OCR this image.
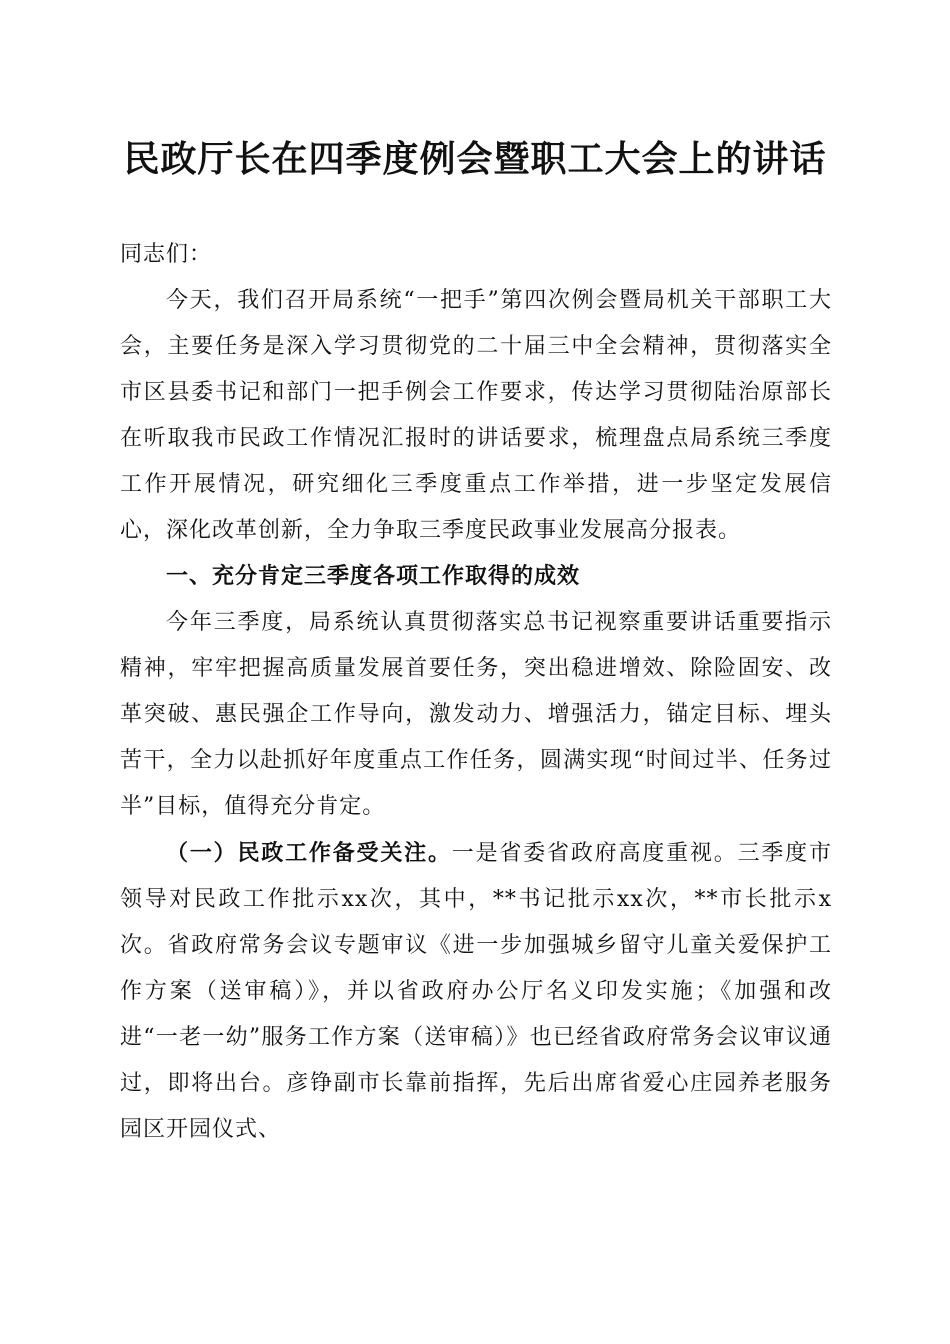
民政厅长在四季度例会暨职工大会上的讲话

同志们：

今天，我们召开局系统“一把手”第四次例会暨局机关干部职工大会，主要任务是深入学习贯彻党的二十届三中全会精神，贯彻落实全市区县委书记和部门一把手例会工作要求，传达学习贯彻陆治原部长在听取我市民政工作情况汇报时的讲话要求，梳理盘点局系统三季度工作开展情况，研究细化三季度重点工作举措，进一步坚定发展信心，深化改革创新，全力争取三季度民政事业发展高分报表。

一、充分肯定三季度各项工作取得的成效

今年三季度，局系统认真贯彻落实总书记视察重要讲话重要指示精神，牢牢把握高质量发展首要任务，突出稳进增效、除险固安、改革突破、惠民强企工作导向，激发动力、增强活力，锚定目标、埋头苦干，全力以赴抓好年度重点工作任务，圆满实现“时间过半、任务过半”目标，值得充分肯定。

（一）民政工作备受关注。一是省委省政府高度重视。三季度市领导对民政工作批示xx次，其中，**书记批示xx次，**市长批示x次。省政府常务会议专题审议《进一步加强城乡留守儿童关爱保护工作方案（送审稿）》，并以省政府办公厅名义印发实施；《加强和改进“一老一幼”服务工作方案（送审稿）》也已经省政府常务会议审议通过，即将出台。彦铮副市长靠前指挥，先后出席省爱心庄园养老服务园区开园仪式、
